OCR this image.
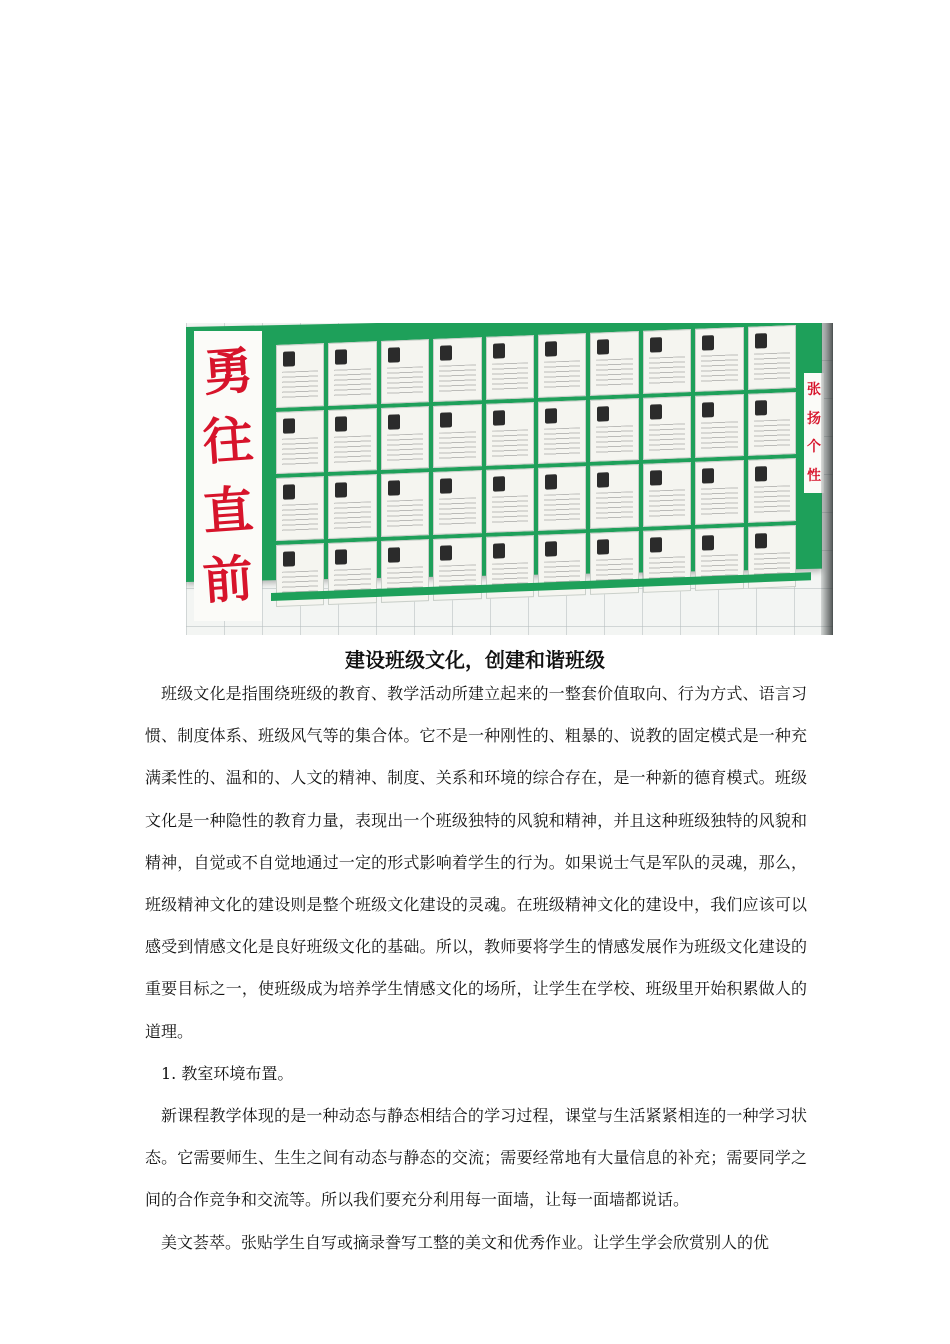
勇
往
直
前
张
扬
个
性
建设班级文化，创建和谐班级

班级文化是指围绕班级的教育、教学活动所建立起来的一整套价值取向、行为方式、语言习惯、制度体系、班级风气等的集合体。它不是一种刚性的、粗暴的、说教的固定模式是一种充满柔性的、温和的、人文的精神、制度、关系和环境的综合存在，是一种新的德育模式。班级文化是一种隐性的教育力量，表现出一个班级独特的风貌和精神，并且这种班级独特的风貌和精神，自觉或不自觉地通过一定的形式影响着学生的行为。如果说士气是军队的灵魂，那么，班级精神文化的建设则是整个班级文化建设的灵魂。在班级精神文化的建设中，我们应该可以感受到情感文化是良好班级文化的基础。所以，教师要将学生的情感发展作为班级文化建设的重要目标之一，使班级成为培养学生情感文化的场所，让学生在学校、班级里开始积累做人的道理。

1. 教室环境布置。

新课程教学体现的是一种动态与静态相结合的学习过程，课堂与生活紧紧相连的一种学习状态。它需要师生、生生之间有动态与静态的交流；需要经常地有大量信息的补充；需要同学之间的合作竞争和交流等。所以我们要充分利用每一面墙，让每一面墙都说话。

美文荟萃。张贴学生自写或摘录誊写工整的美文和优秀作业。让学生学会欣赏别人的优
